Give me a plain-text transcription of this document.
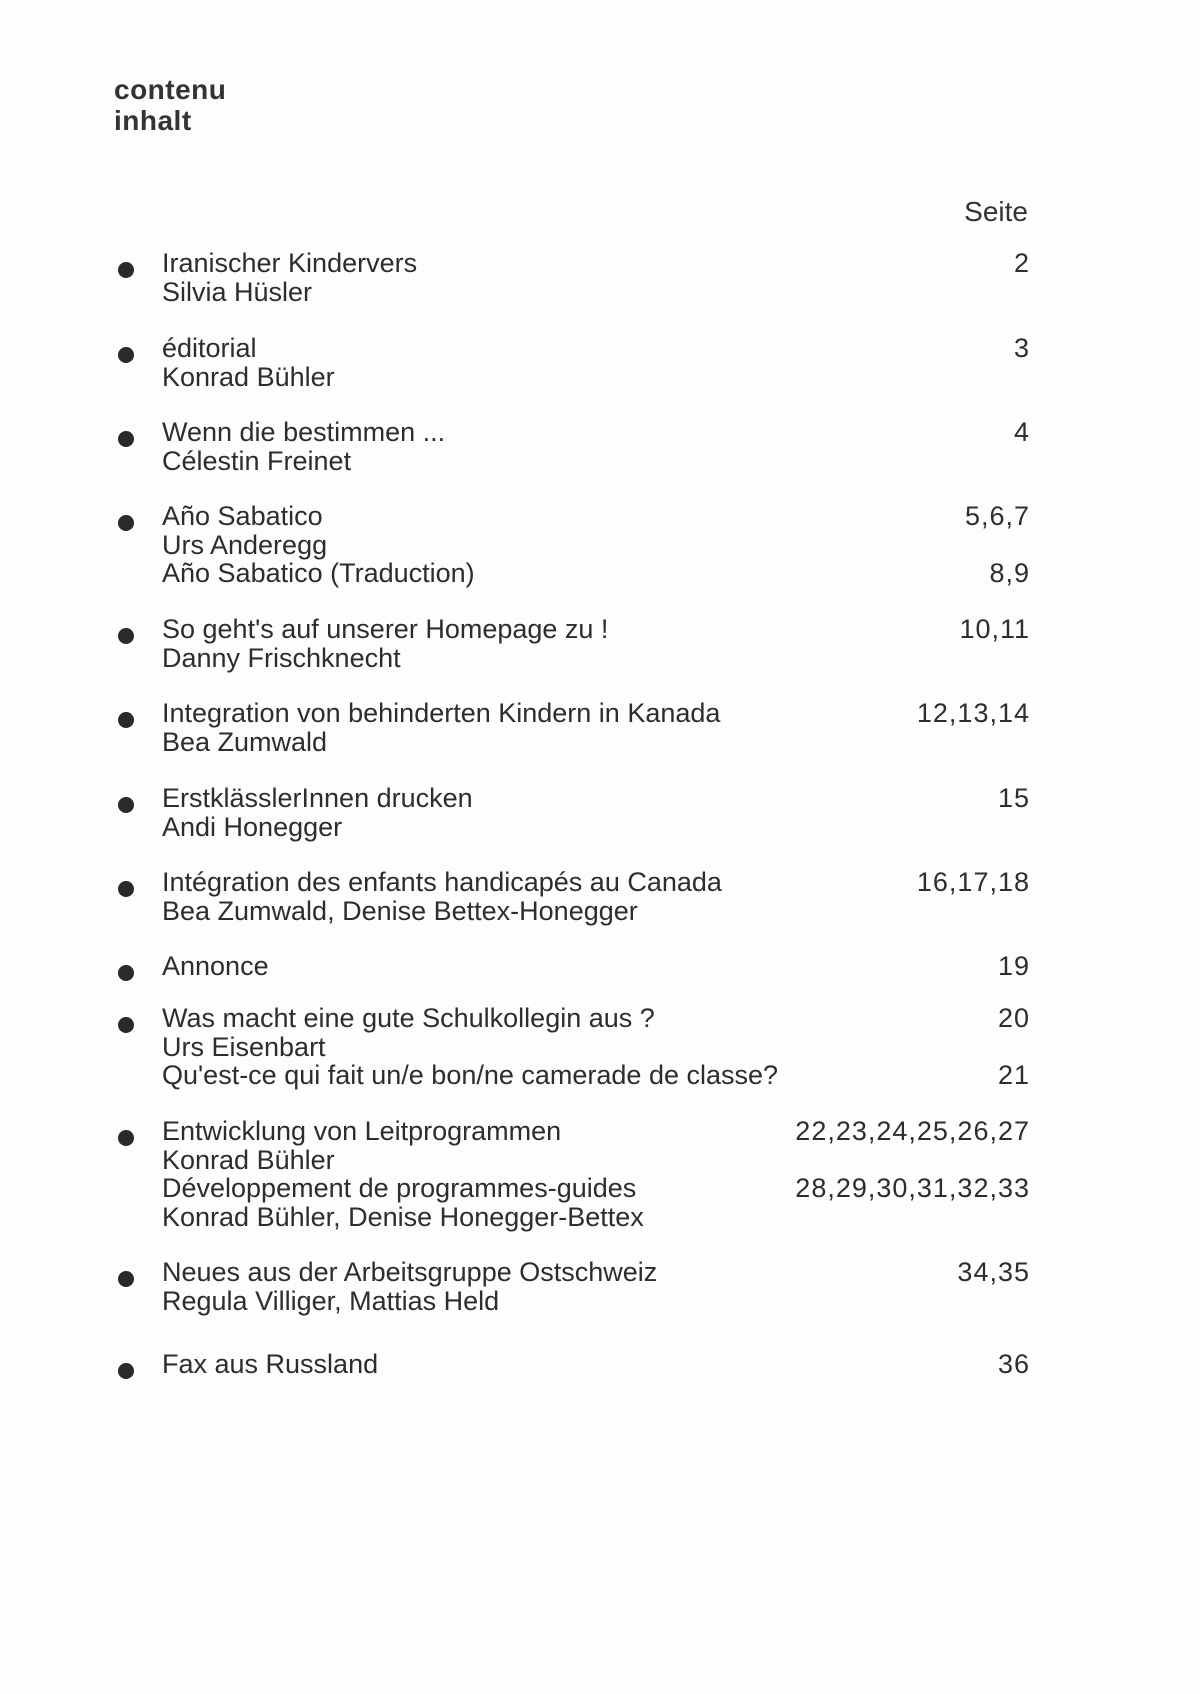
contenu
inhalt
Seite
Iranischer Kindervers	2
Silvia Hüsler
éditorial	3
Konrad Bühler
Wenn die bestimmen ...	4
Célestin Freinet
Año Sabatico	5,6,7
Urs Anderegg
Año Sabatico (Traduction)	8,9
So geht's auf unserer Homepage zu !	10,11
Danny Frischknecht
Integration von behinderten Kindern in Kanada	12,13,14
Bea Zumwald
ErstklässlerInnen drucken	15
Andi Honegger
Intégration des enfants handicapés au Canada	16,17,18
Bea Zumwald, Denise Bettex-Honegger
Annonce	19
Was macht eine gute Schulkollegin aus ?	20
Urs Eisenbart
Qu'est-ce qui fait un/e bon/ne camerade de classe?	21
Entwicklung von Leitprogrammen	22,23,24,25,26,27
Konrad Bühler
Développement de programmes-guides	28,29,30,31,32,33
Konrad Bühler, Denise Honegger-Bettex
Neues aus der Arbeitsgruppe Ostschweiz	34,35
Regula Villiger, Mattias Held
Fax aus Russland	36
